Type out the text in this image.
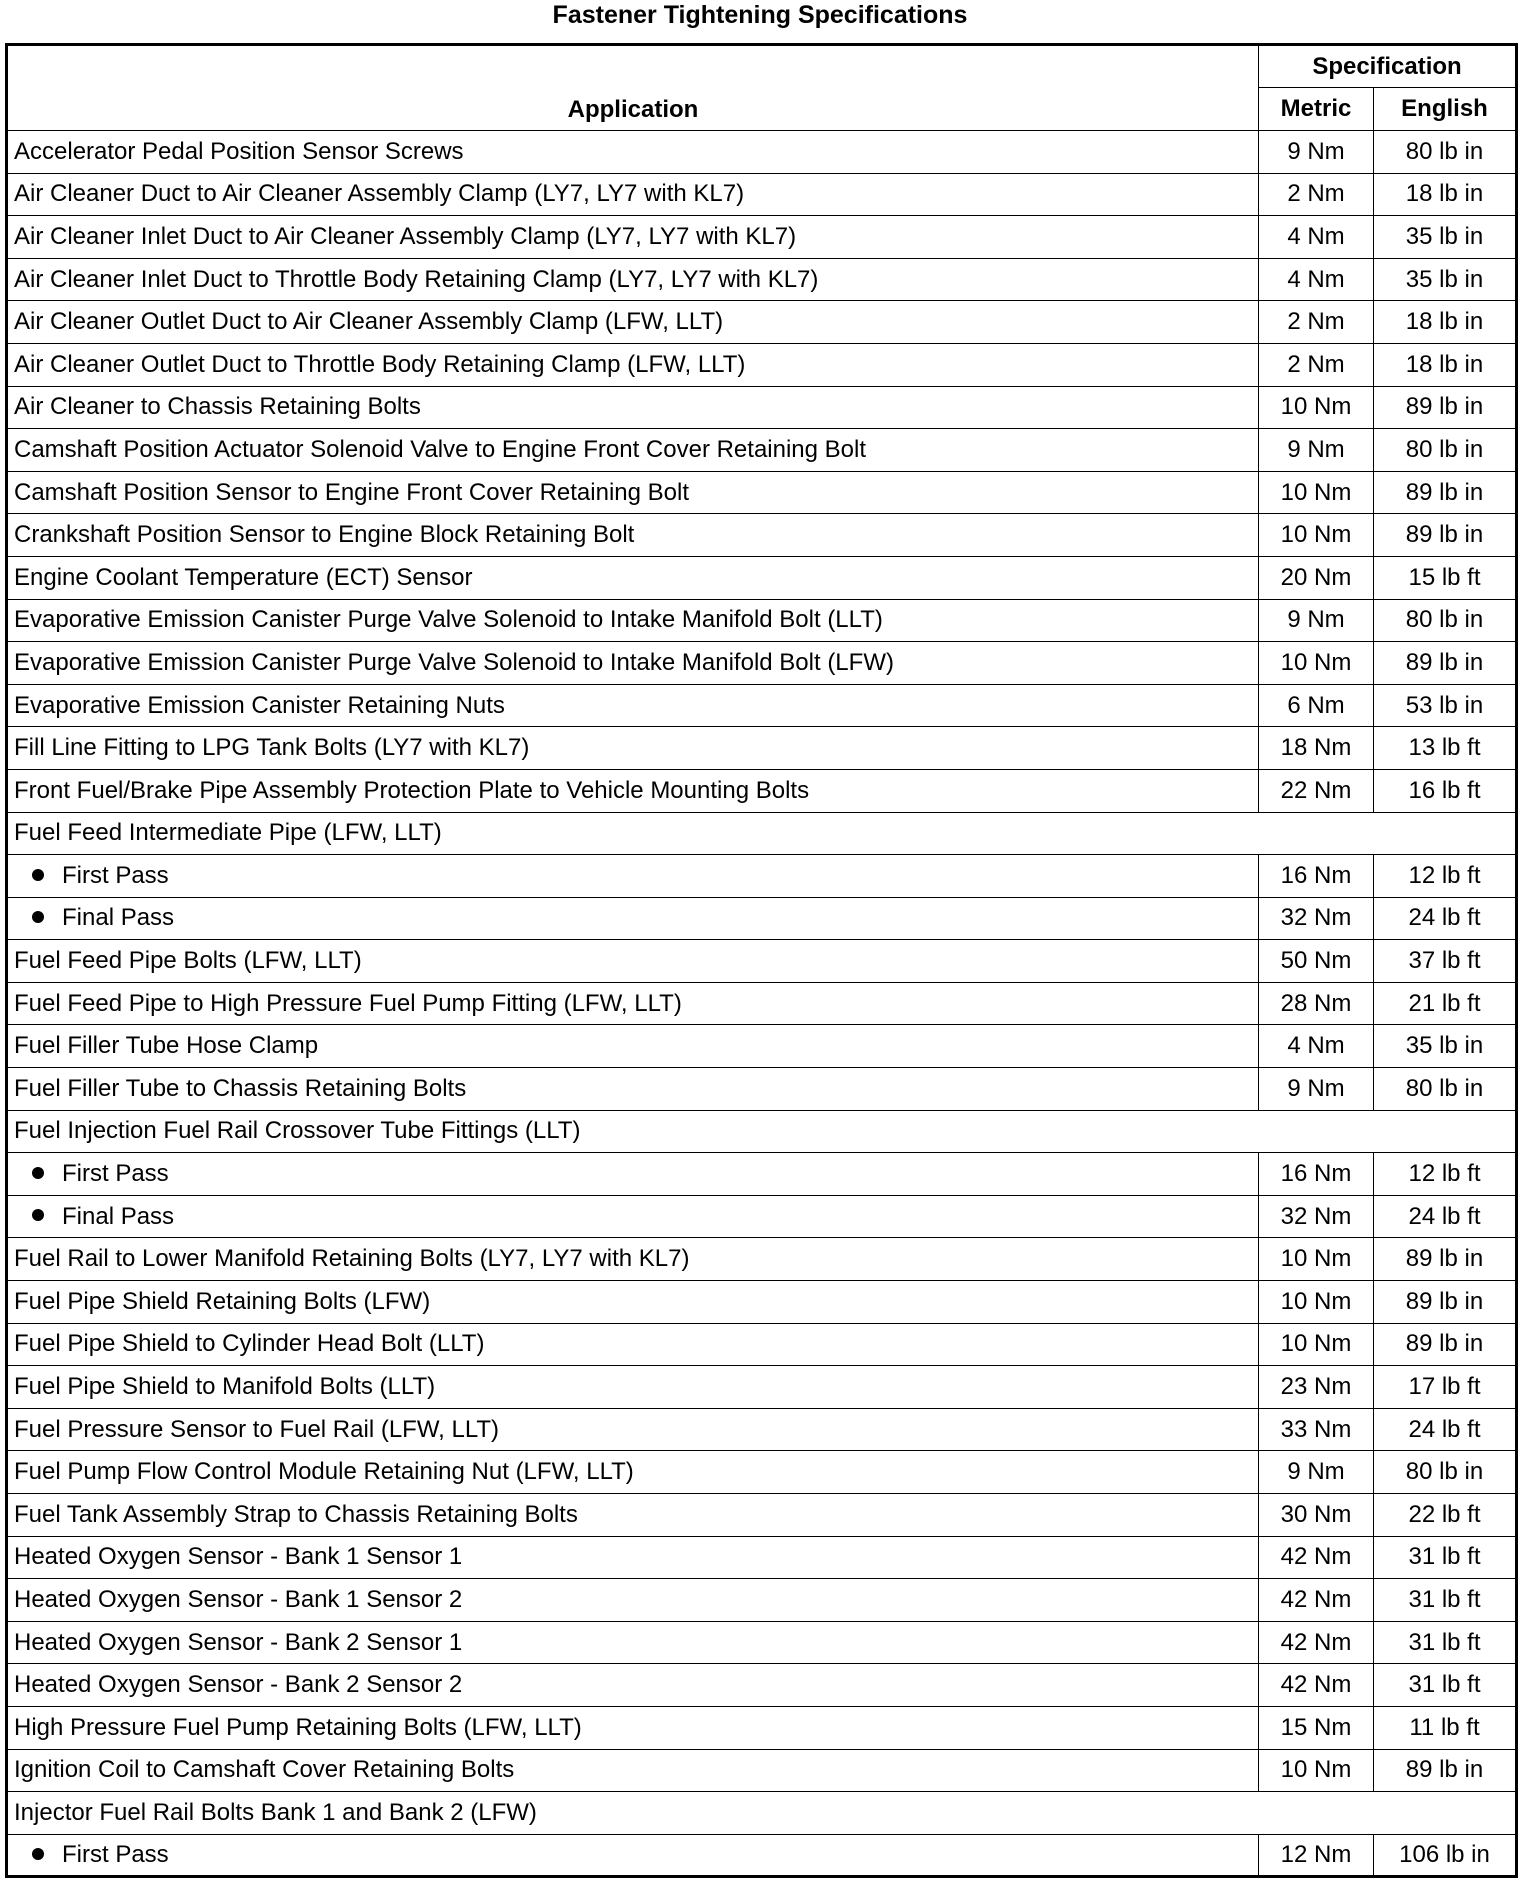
Fastener Tightening Specifications
Application	Specification	
	Metric	English
Accelerator Pedal Position Sensor Screws	9 Nm	80 lb in
Air Cleaner Duct to Air Cleaner Assembly Clamp (LY7, LY7 with KL7)	2 Nm	18 lb in
Air Cleaner Inlet Duct to Air Cleaner Assembly Clamp (LY7, LY7 with KL7)	4 Nm	35 lb in
Air Cleaner Inlet Duct to Throttle Body Retaining Clamp (LY7, LY7 with KL7)	4 Nm	35 lb in
Air Cleaner Outlet Duct to Air Cleaner Assembly Clamp (LFW, LLT)	2 Nm	18 lb in
Air Cleaner Outlet Duct to Throttle Body Retaining Clamp (LFW, LLT)	2 Nm	18 lb in
Air Cleaner to Chassis Retaining Bolts	10 Nm	89 lb in
Camshaft Position Actuator Solenoid Valve to Engine Front Cover Retaining Bolt	9 Nm	80 lb in
Camshaft Position Sensor to Engine Front Cover Retaining Bolt	10 Nm	89 lb in
Crankshaft Position Sensor to Engine Block Retaining Bolt	10 Nm	89 lb in
Engine Coolant Temperature (ECT) Sensor	20 Nm	15 lb ft
Evaporative Emission Canister Purge Valve Solenoid to Intake Manifold Bolt (LLT)	9 Nm	80 lb in
Evaporative Emission Canister Purge Valve Solenoid to Intake Manifold Bolt (LFW)	10 Nm	89 lb in
Evaporative Emission Canister Retaining Nuts	6 Nm	53 lb in
Fill Line Fitting to LPG Tank Bolts (LY7 with KL7)	18 Nm	13 lb ft
Front Fuel/Brake Pipe Assembly Protection Plate to Vehicle Mounting Bolts	22 Nm	16 lb ft
Fuel Feed Intermediate Pipe (LFW, LLT)		
First Pass	16 Nm	12 lb ft
Final Pass	32 Nm	24 lb ft
Fuel Feed Pipe Bolts (LFW, LLT)	50 Nm	37 lb ft
Fuel Feed Pipe to High Pressure Fuel Pump Fitting (LFW, LLT)	28 Nm	21 lb ft
Fuel Filler Tube Hose Clamp	4 Nm	35 lb in
Fuel Filler Tube to Chassis Retaining Bolts	9 Nm	80 lb in
Fuel Injection Fuel Rail Crossover Tube Fittings (LLT)		
First Pass	16 Nm	12 lb ft
Final Pass	32 Nm	24 lb ft
Fuel Rail to Lower Manifold Retaining Bolts (LY7, LY7 with KL7)	10 Nm	89 lb in
Fuel Pipe Shield Retaining Bolts (LFW)	10 Nm	89 lb in
Fuel Pipe Shield to Cylinder Head Bolt (LLT)	10 Nm	89 lb in
Fuel Pipe Shield to Manifold Bolts (LLT)	23 Nm	17 lb ft
Fuel Pressure Sensor to Fuel Rail (LFW, LLT)	33 Nm	24 lb ft
Fuel Pump Flow Control Module Retaining Nut (LFW, LLT)	9 Nm	80 lb in
Fuel Tank Assembly Strap to Chassis Retaining Bolts	30 Nm	22 lb ft
Heated Oxygen Sensor - Bank 1 Sensor 1	42 Nm	31 lb ft
Heated Oxygen Sensor - Bank 1 Sensor 2	42 Nm	31 lb ft
Heated Oxygen Sensor - Bank 2 Sensor 1	42 Nm	31 lb ft
Heated Oxygen Sensor - Bank 2 Sensor 2	42 Nm	31 lb ft
High Pressure Fuel Pump Retaining Bolts (LFW, LLT)	15 Nm	11 lb ft
Ignition Coil to Camshaft Cover Retaining Bolts	10 Nm	89 lb in
Injector Fuel Rail Bolts Bank 1 and Bank 2 (LFW)		
First Pass	12 Nm	106 lb in
